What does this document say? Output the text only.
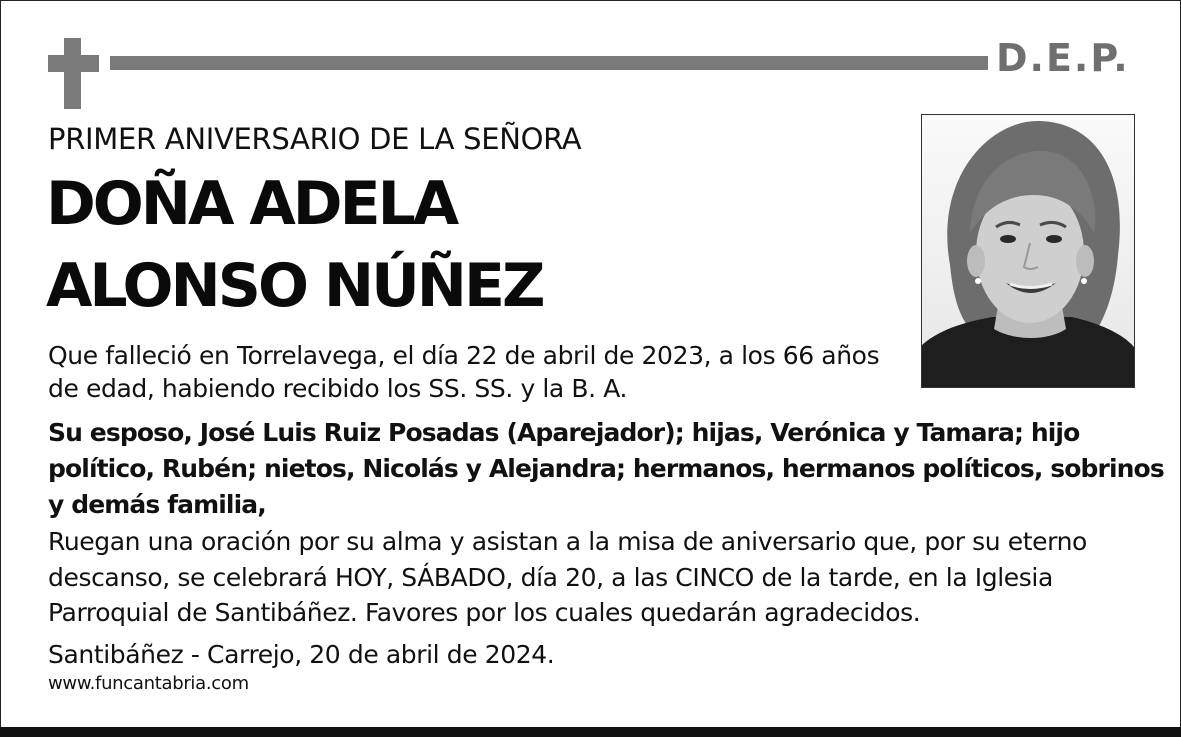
D.E.P.
PRIMER ANIVERSARIO DE LA SEÑORA
DOÑA ADELA
ALONSO NÚÑEZ
Que falleció en Torrelavega, el día 22 de abril de 2023, a los 66 años
de edad, habiendo recibido los SS. SS. y la B. A.
Su esposo, José Luis Ruiz Posadas (Aparejador); hijas, Verónica y Tamara; hijo
político, Rubén; nietos, Nicolás y Alejandra; hermanos, hermanos políticos, sobrinos
y demás familia,
Ruegan una oración por su alma y asistan a la misa de aniversario que, por su eterno
descanso, se celebrará HOY, SÁBADO, día 20, a las CINCO de la tarde, en la Iglesia
Parroquial de Santibáñez. Favores por los cuales quedarán agradecidos.
Santibáñez - Carrejo, 20 de abril de 2024.
www.funcantabria.com
